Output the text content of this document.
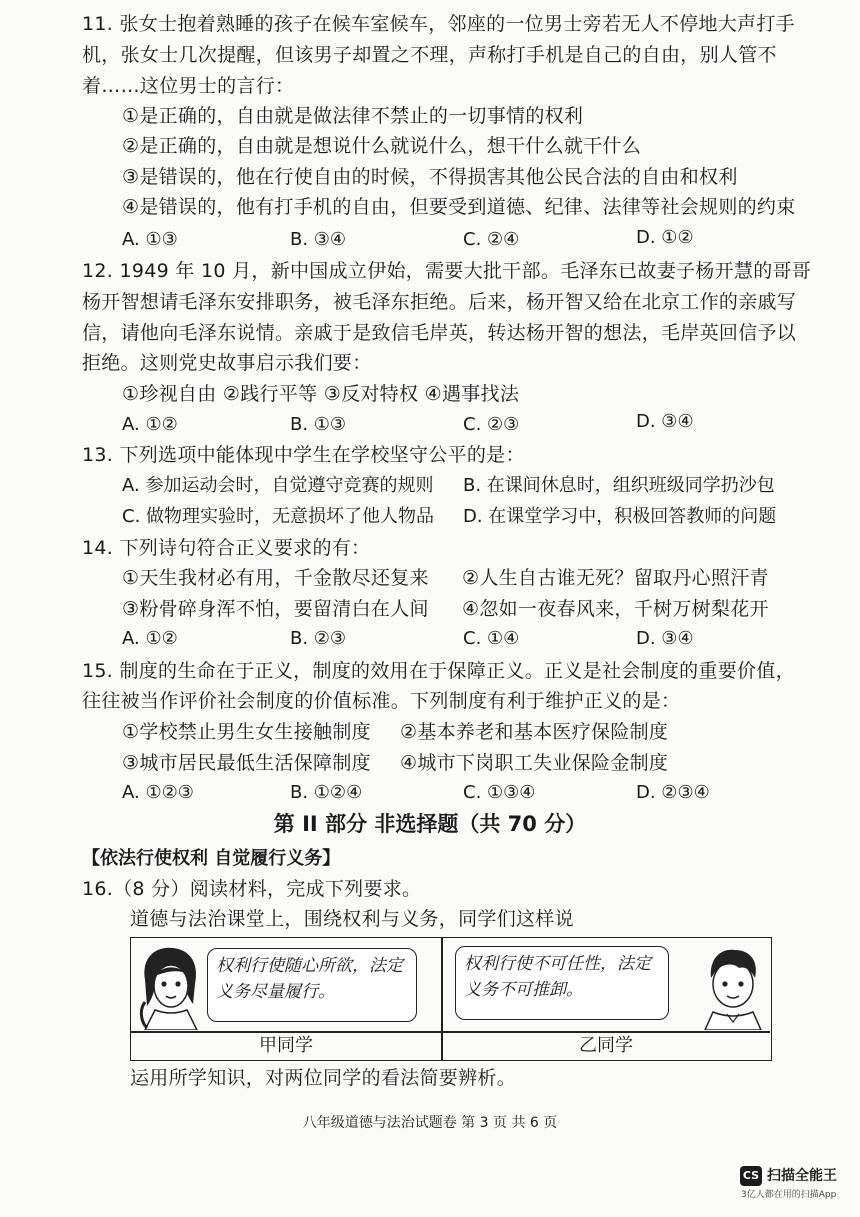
11. 张女士抱着熟睡的孩子在候车室候车，邻座的一位男士旁若无人不停地大声打手
机，张女士几次提醒，但该男子却置之不理，声称打手机是自己的自由，别人管不
着……这位男士的言行：
①是正确的，自由就是做法律不禁止的一切事情的权利
②是正确的，自由就是想说什么就说什么，想干什么就干什么
③是错误的，他在行使自由的时候，不得损害其他公民合法的自由和权利
④是错误的，他有打手机的自由，但要受到道德、纪律、法律等社会规则的约束
A. ①③	B. ③④	C. ②④	D. ①②
12. 1949 年 10 月，新中国成立伊始，需要大批干部。毛泽东已故妻子杨开慧的哥哥
杨开智想请毛泽东安排职务，被毛泽东拒绝。后来，杨开智又给在北京工作的亲戚写
信，请他向毛泽东说情。亲戚于是致信毛岸英，转达杨开智的想法，毛岸英回信予以
拒绝。这则党史故事启示我们要：
①珍视自由 ②践行平等 ③反对特权 ④遇事找法
A. ①②	B. ①③	C. ②③	D. ③④
13. 下列选项中能体现中学生在学校坚守公平的是：
A. 参加运动会时，自觉遵守竞赛的规则 B. 在课间休息时，组织班级同学扔沙包
C. 做物理实验时，无意损坏了他人物品 D. 在课堂学习中，积极回答教师的问题
14. 下列诗句符合正义要求的有：
①天生我材必有用，千金散尽还复来 ②人生自古谁无死？留取丹心照汗青
③粉骨碎身浑不怕，要留清白在人间 ④忽如一夜春风来，千树万树梨花开
A. ①②	B. ②③	C. ①④	D. ③④
15. 制度的生命在于正义，制度的效用在于保障正义。正义是社会制度的重要价值，
往往被当作评价社会制度的价值标准。下列制度有利于维护正义的是：
①学校禁止男生女生接触制度 ②基本养老和基本医疗保险制度
③城市居民最低生活保障制度 ④城市下岗职工失业保险金制度
A. ①②③	B. ①②④	C. ①③④	D. ②③④
第 II 部分 非选择题（共 70 分）
【依法行使权利 自觉履行义务】
16.（8 分）阅读材料，完成下列要求。
道德与法治课堂上，围绕权利与义务，同学们这样说
权利行使随心所欲，法定义务尽量履行。
权利行使不可任性，法定义务不可推卸。
甲同学	乙同学
运用所学知识，对两位同学的看法简要辨析。
八年级道德与法治试题卷 第 3 页 共 6 页
CS 扫描全能王
3亿人都在用的扫描App
